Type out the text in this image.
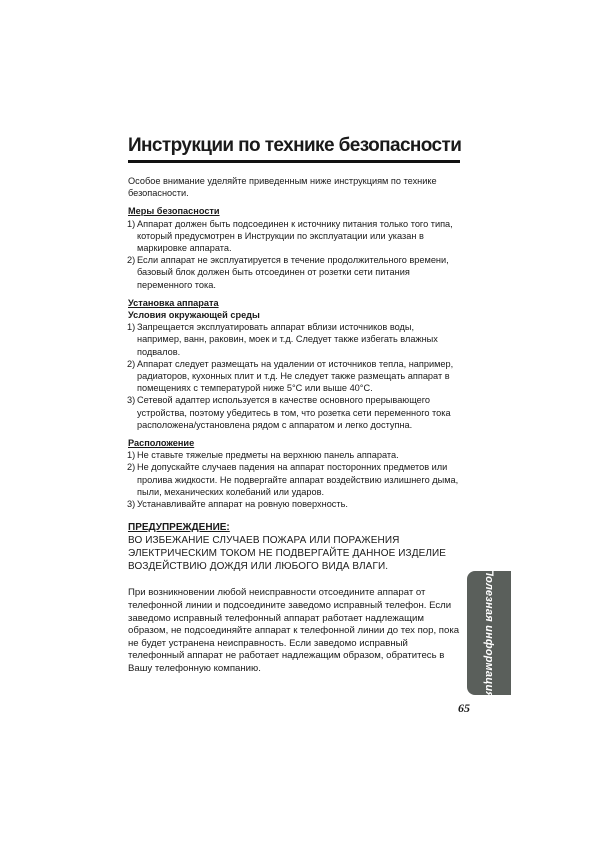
Инструкции по технике безопасности

Особое внимание уделяйте приведенным ниже инструкциям по технике безопасности.

Меры безопасности

1) Аппарат должен быть подсоединен к источнику питания только того типа, который предусмотрен в Инструкции по эксплуатации или указан в маркировке аппарата.
2) Если аппарат не эксплуатируется в течение продолжительного времени, базовый блок должен быть отсоединен от розетки сети питания переменного тока.

Установка аппарата

Условия окружающей среды

1) Запрещается эксплуатировать аппарат вблизи источников воды, например, ванн, раковин, моек и т.д. Следует также избегать влажных подвалов.
2) Аппарат следует размещать на удалении от источников тепла, например, радиаторов, кухонных плит и т.д. Не следует также размещать аппарат в помещениях с температурой ниже 5°C или выше 40°C.
3) Сетевой адаптер используется в качестве основного прерывающего устройства, поэтому убедитесь в том, что розетка сети переменного тока расположена/установлена рядом с аппаратом и легко доступна.

Расположение

1) Не ставьте тяжелые предметы на верхнюю панель аппарата.
2) Не допускайте случаев падения на аппарат посторонних предметов или пролива жидкости. Не подвергайте аппарат воздействию излишнего дыма, пыли, механических колебаний или ударов.
3) Устанавливайте аппарат на ровную поверхность.

ПРЕДУПРЕЖДЕНИЕ:

ВО ИЗБЕЖАНИЕ СЛУЧАЕВ ПОЖАРА ИЛИ ПОРАЖЕНИЯ ЭЛЕКТРИЧЕСКИМ ТОКОМ НЕ ПОДВЕРГАЙТЕ ДАННОЕ ИЗДЕЛИЕ ВОЗДЕЙСТВИЮ ДОЖДЯ ИЛИ ЛЮБОГО ВИДА ВЛАГИ.

При возникновении любой неисправности отсоедините аппарат от телефонной линии и подсоедините заведомо исправный телефон. Если заведомо исправный телефонный аппарат работает надлежащим образом, не подсоединяйте аппарат к телефонной линии до тех пор, пока не будет устранена неисправность. Если заведомо исправный телефонный аппарат не работает надлежащим образом, обратитесь в Вашу телефонную компанию.	Полезная информация
65
